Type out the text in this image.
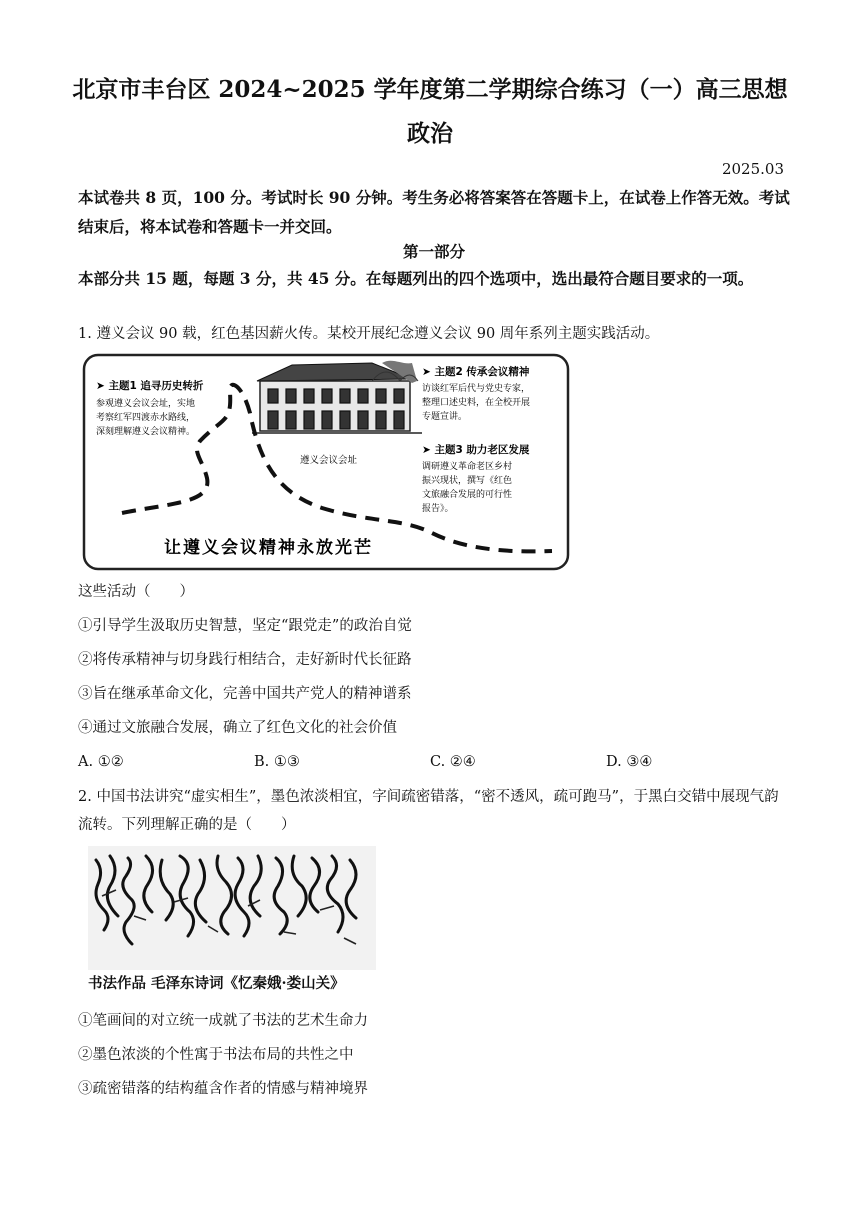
北京市丰台区 2024~2025 学年度第二学期综合练习（一）高三思想政治
2025.03
本试卷共 8 页，100 分。考试时长 90 分钟。考生务必将答案答在答题卡上，在试卷上作答无效。考试结束后，将本试卷和答题卡一并交回。
第一部分
本部分共 15 题，每题 3 分，共 45 分。在每题列出的四个选项中，选出最符合题目要求的一项。
1. 遵义会议 90 载，红色基因薪火传。某校开展纪念遵义会议 90 周年系列主题实践活动。
➤ 主题1 追寻历史转折
参观遵义会议会址，实地
考察红军四渡赤水路线，
深刻理解遵义会议精神。
遵义会议会址
➤ 主题2 传承会议精神
访谈红军后代与党史专家，
整理口述史料，在全校开展
专题宣讲。
➤ 主题3 助力老区发展
调研遵义革命老区乡村
振兴现状，撰写《红色
文旅融合发展的可行性
报告》。
让遵义会议精神永放光芒
这些活动（　　）
①引导学生汲取历史智慧，坚定“跟党走”的政治自觉
②将传承精神与切身践行相结合，走好新时代长征路
③旨在继承革命文化，完善中国共产党人的精神谱系
④通过文旅融合发展，确立了红色文化的社会价值
A. ①②	B. ①③	C. ②④	D. ③④
2. 中国书法讲究“虚实相生”，墨色浓淡相宜，字间疏密错落，“密不透风，疏可跑马”，于黑白交错中展现气韵流转。下列理解正确的是（　　）
书法作品 毛泽东诗词《忆秦娥·娄山关》
①笔画间的对立统一成就了书法的艺术生命力
②墨色浓淡的个性寓于书法布局的共性之中
③疏密错落的结构蕴含作者的情感与精神境界
